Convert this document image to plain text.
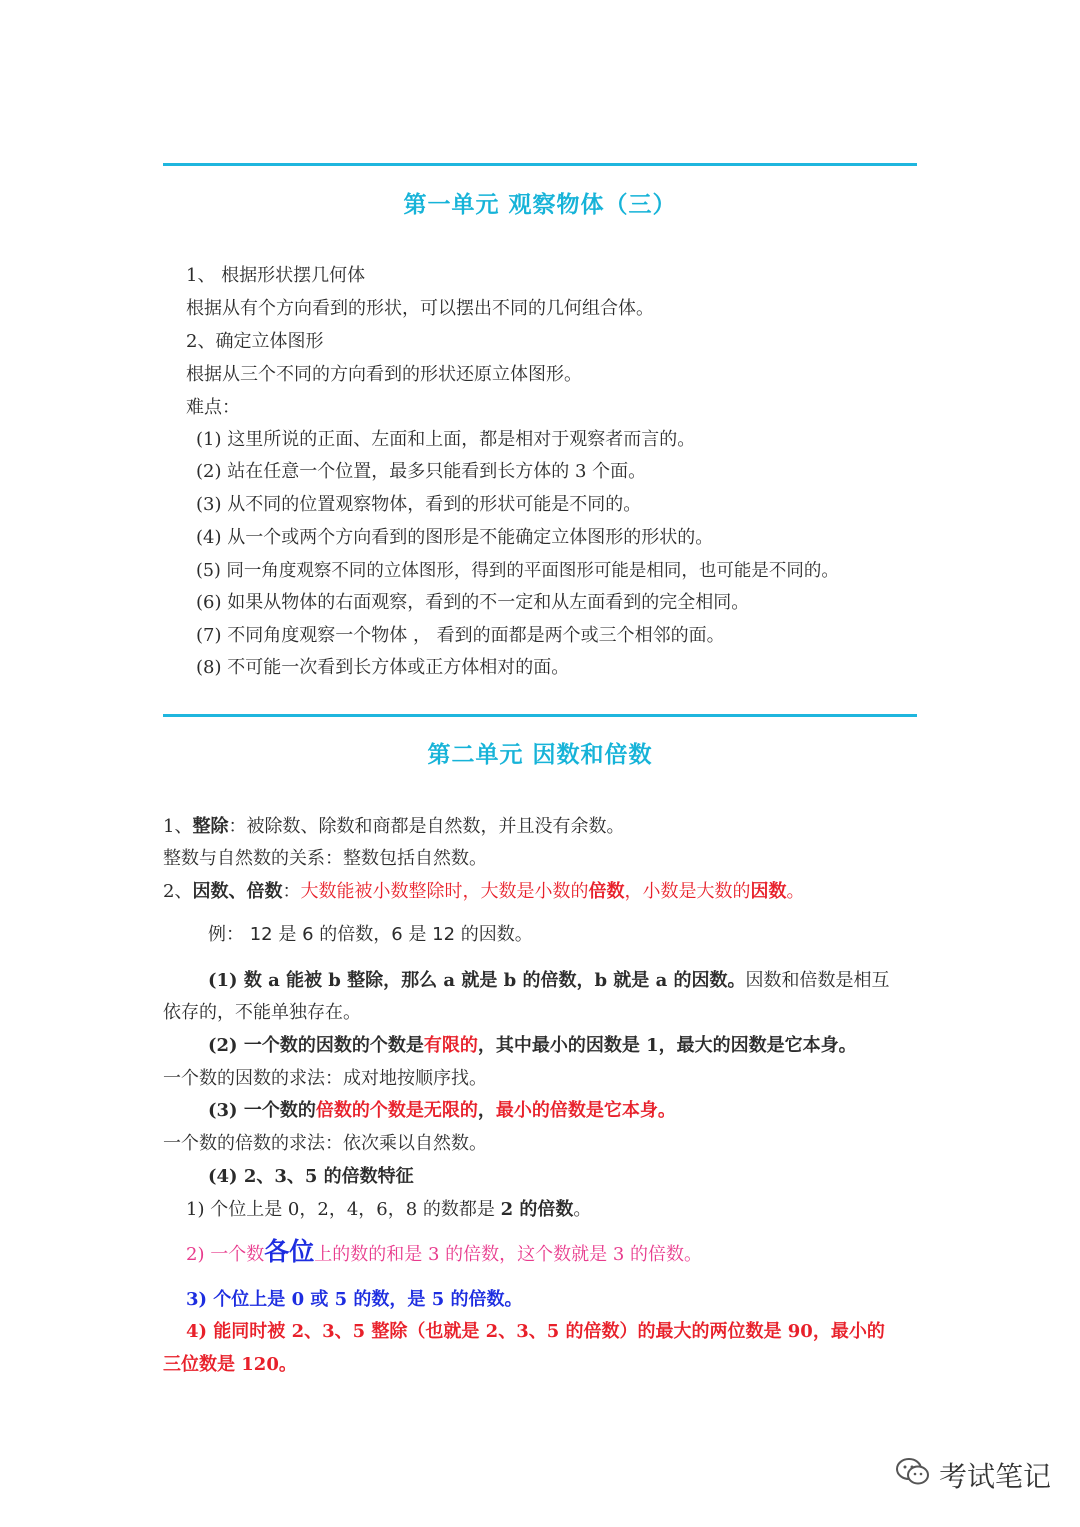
第一单元 观察物体（三）
1、 根据形状摆几何体
根据从有个方向看到的形状，可以摆出不同的几何组合体。
2、确定立体图形
根据从三个不同的方向看到的形状还原立体图形。
难点：
(1) 这里所说的正面、左面和上面，都是相对于观察者而言的。
(2) 站在任意一个位置，最多只能看到长方体的 3 个面。
(3) 从不同的位置观察物体，看到的形状可能是不同的。
(4) 从一个或两个方向看到的图形是不能确定立体图形的形状的。
(5) 同一角度观察不同的立体图形，得到的平面图形可能是相同，也可能是不同的。
(6) 如果从物体的右面观察，看到的不一定和从左面看到的完全相同。
(7) 不同角度观察一个物体 ， 看到的面都是两个或三个相邻的面。
(8) 不可能一次看到长方体或正方体相对的面。
第二单元 因数和倍数
1、整除：被除数、除数和商都是自然数，并且没有余数。
整数与自然数的关系：整数包括自然数。
2、因数、倍数：大数能被小数整除时，大数是小数的倍数，小数是大数的因数。
例： 12 是 6 的倍数，6 是 12 的因数。
(1) 数 a 能被 b 整除，那么 a 就是 b 的倍数，b 就是 a 的因数。因数和倍数是相互
依存的，不能单独存在。
(2) 一个数的因数的个数是有限的，其中最小的因数是 1，最大的因数是它本身。
一个数的因数的求法：成对地按顺序找。
(3) 一个数的倍数的个数是无限的，最小的倍数是它本身。
一个数的倍数的求法：依次乘以自然数。
(4) 2、3、5 的倍数特征
1) 个位上是 0，2，4，6，8 的数都是 2 的倍数。
2) 一个数各位上的数的和是 3 的倍数，这个数就是 3 的倍数。
3) 个位上是 0 或 5 的数，是 5 的倍数。
4) 能同时被 2、3、5 整除（也就是 2、3、5 的倍数）的最大的两位数是 90，最小的
三位数是 120。
考试笔记
